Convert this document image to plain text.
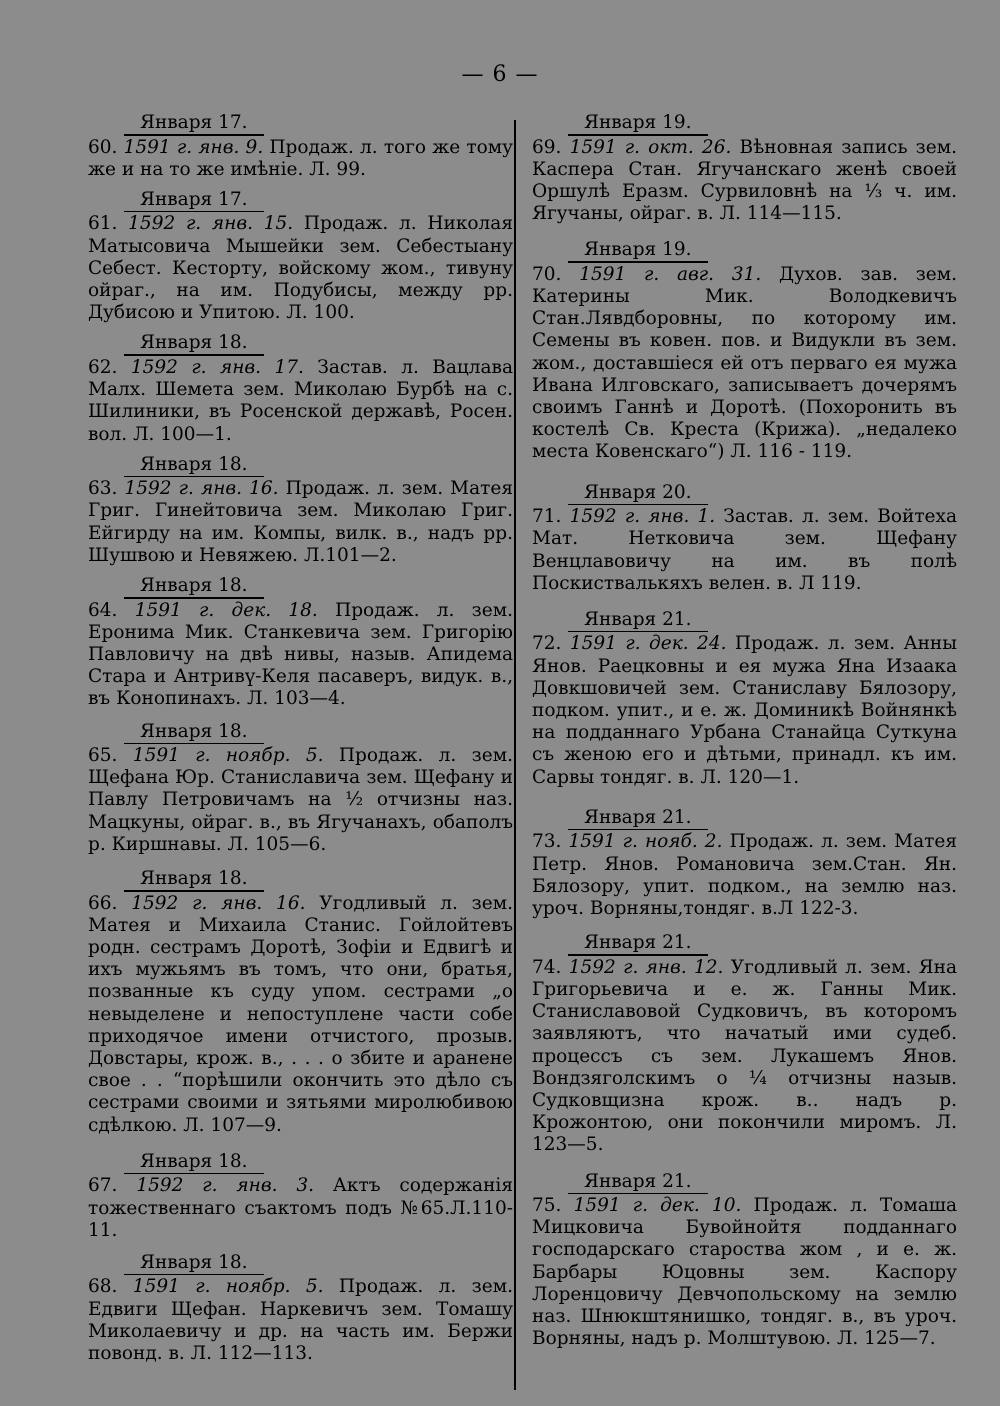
— 6 —
Января 17.
60. 1591 г. янв. 9. Продаж. л. того же тому же и на то же имѣніе. Л. 99.
Января 17.
61. 1592 г. янв. 15. Продаж. л. Николая Матысовича Мышейки зем. Себестыану Себест. Кесторту, войскому жом., тивуну ойраг., на им. Подубисы, между рр. Дубисою и Упитою. Л. 100.
Января 18.
62. 1592 г. янв. 17. Застав. л. Вацлава Малх. Шемета зем. Миколаю Бурбѣ на с. Шилиники, въ Росенской державѣ, Росен. вол. Л. 100—1.
Января 18.
63. 1592 г. янв. 16. Продаж. л. зем. Матея Григ. Гинейтовича зем. Миколаю Григ. Ейгирду на им. Компы, вилк. в., надъ рр. Шушвою и Невяжею. Л.101—2.
Января 18.
64. 1591 г. дек. 18. Продаж. л. зем. Еронима Мик. Станкевича зем. Григорію Павловичу на двѣ нивы, назыв. Апидема Стара и Антривү-Келя пасаверъ, видук. в., въ Конопинахъ. Л. 103—4.
Января 18.
65. 1591 г. ноябр. 5. Продаж. л. зем. Щефана Юр. Станиславича зем. Щефану и Павлу Петровичамъ на ½ отчизны наз. Мацкуны, ойраг. в., въ Ягучанахъ, обаполъ р. Киршнавы. Л. 105—6.
Января 18.
66. 1592 г. янв. 16. Угодливый л. зем. Матея и Михаила Станис. Гойлойтевъ родн. сестрамъ Доротѣ, Зофіи и Едвигѣ и ихъ мужьямъ въ томъ, что они, братья, позванные къ суду упом. сестрами „о невыделене и непоступлене части собе приходячое имени отчистого, прозыв. Довстары, крож. в., . . . о збите и аранене свое . . “порѣшили окончить это дѣло съ сестрами своими и зятьями миролюбивою сдѣлкою. Л. 107—9.
Января 18.
67. 1592 г. янв. 3. Актъ содержанія тожественнаго съактомъ подъ №65.Л.110-11.
Января 18.
68. 1591 г. ноябр. 5. Продаж. л. зем. Едвиги Щефан. Наркевичъ зем. Томашу Миколаевичу и др. на часть им. Бержи повонд. в. Л. 112—113.
Января 19.
69. 1591 г. окт. 26. Вѣновная запись зем. Каспера Стан. Ягучанскаго женѣ своей Оршулѣ Еразм. Сурвиловнѣ на ⅓ ч. им. Ягучаны, ойраг. в. Л. 114—115.
Января 19.
70. 1591 г. авг. 31. Духов. зав. зем. Катерины Мик. Володкевичъ Стан.Лявдборовны, по которому им. Семены въ ковен. пов. и Видукли въ зем. жом., доставшіеся ей отъ перваго ея мужа Ивана Илговскаго, записываетъ дочерямъ своимъ Ганнѣ и Доротѣ. (Похоронить въ костелѣ Св. Креста (Крижа). „недалеко места Ковенскаго“) Л. 116 - 119.
Января 20.
71. 1592 г. янв. 1. Застав. л. зем. Войтеха Мат. Нетковича зем. Щефану Венцлавовичу на им. въ полѣ Поскиствалькяхъ велен. в. Л 119.
Января 21.
72. 1591 г. дек. 24. Продаж. л. зем. Анны Янов. Раецковны и ея мужа Яна Изаака Довкшовичей зем. Станиславу Бялозору, подком. упит., и е. ж. Доминикѣ Войнянкѣ на подданнаго Урбана Станайца Суткуна съ женою его и дѣтьми, принадл. къ им. Сарвы тондяг. в. Л. 120—1.
Января 21.
73. 1591 г. нояб. 2. Продаж. л. зем. Матея Петр. Янов. Романовича зем.Стан. Ян. Бялозору, упит. подком., на землю наз. уроч. Ворняны,тондяг. в.Л 122-3.
Января 21.
74. 1592 г. янв. 12. Угодливый л. зем. Яна Григорьевича и е. ж. Ганны Мик. Станиславовой Судковичъ, въ которомъ заявляютъ, что начатый ими судеб. процессъ съ зем. Лукашемъ Янов. Вондзяголскимъ о ¼ отчизны назыв. Судковщизна крож. в.. надъ р. Крожонтою, они покончили миромъ. Л. 123—5.
Января 21.
75. 1591 г. дек. 10. Продаж. л. Томаша Мицковича Бувойнойтя подданнаго господарскаго староства жом , и е. ж. Барбары Юцовны зем. Каспору Лоренцовичу Девчопольскому на землю наз. Шнюкштянишко, тондяг. в., въ уроч. Ворняны, надъ р. Молштувою. Л. 125—7.
